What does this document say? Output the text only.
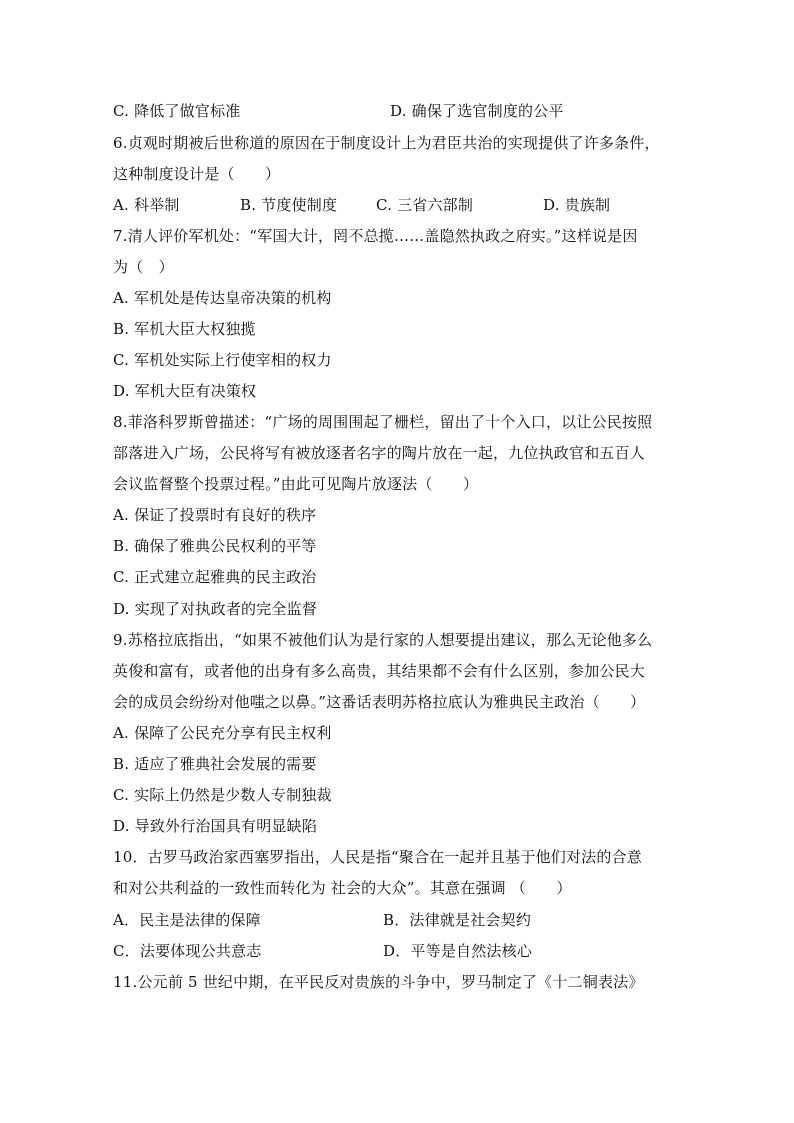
C. 降低了做官标准	D. 确保了选官制度的公平
6.贞观时期被后世称道的原因在于制度设计上为君臣共治的实现提供了许多条件，
这种制度设计是（　　）
A. 科举制	B. 节度使制度	C. 三省六部制	D. 贵族制
7.清人评价军机处：“军国大计，罔不总揽……盖隐然执政之府实。”这样说是因
为（　）
A. 军机处是传达皇帝决策的机构
B. 军机大臣大权独揽
C. 军机处实际上行使宰相的权力
D. 军机大臣有决策权
8.菲洛科罗斯曾描述：“广场的周围围起了栅栏，留出了十个入口，以让公民按照
部落进入广场，公民将写有被放逐者名字的陶片放在一起，九位执政官和五百人
会议监督整个投票过程。”由此可见陶片放逐法（　　）
A. 保证了投票时有良好的秩序
B. 确保了雅典公民权利的平等
C. 正式建立起雅典的民主政治
D. 实现了对执政者的完全监督
9.苏格拉底指出，“如果不被他们认为是行家的人想要提出建议，那么无论他多么
英俊和富有，或者他的出身有多么高贵，其结果都不会有什么区别，参加公民大
会的成员会纷纷对他嗤之以鼻。”这番话表明苏格拉底认为雅典民主政治（　　）
A. 保障了公民充分享有民主权利
B. 适应了雅典社会发展的需要
C. 实际上仍然是少数人专制独裁
D. 导致外行治国具有明显缺陷
10．古罗马政治家西塞罗指出，人民是指“聚合在一起并且基于他们对法的合意
和对公共利益的一致性而转化为 社会的大众”。其意在强调 （　　）
A．民主是法律的保障	B．法律就是社会契约
C．法要体现公共意志	D．平等是自然法核心
11.公元前 5 世纪中期，在平民反对贵族的斗争中，罗马制定了《十二铜表法》
